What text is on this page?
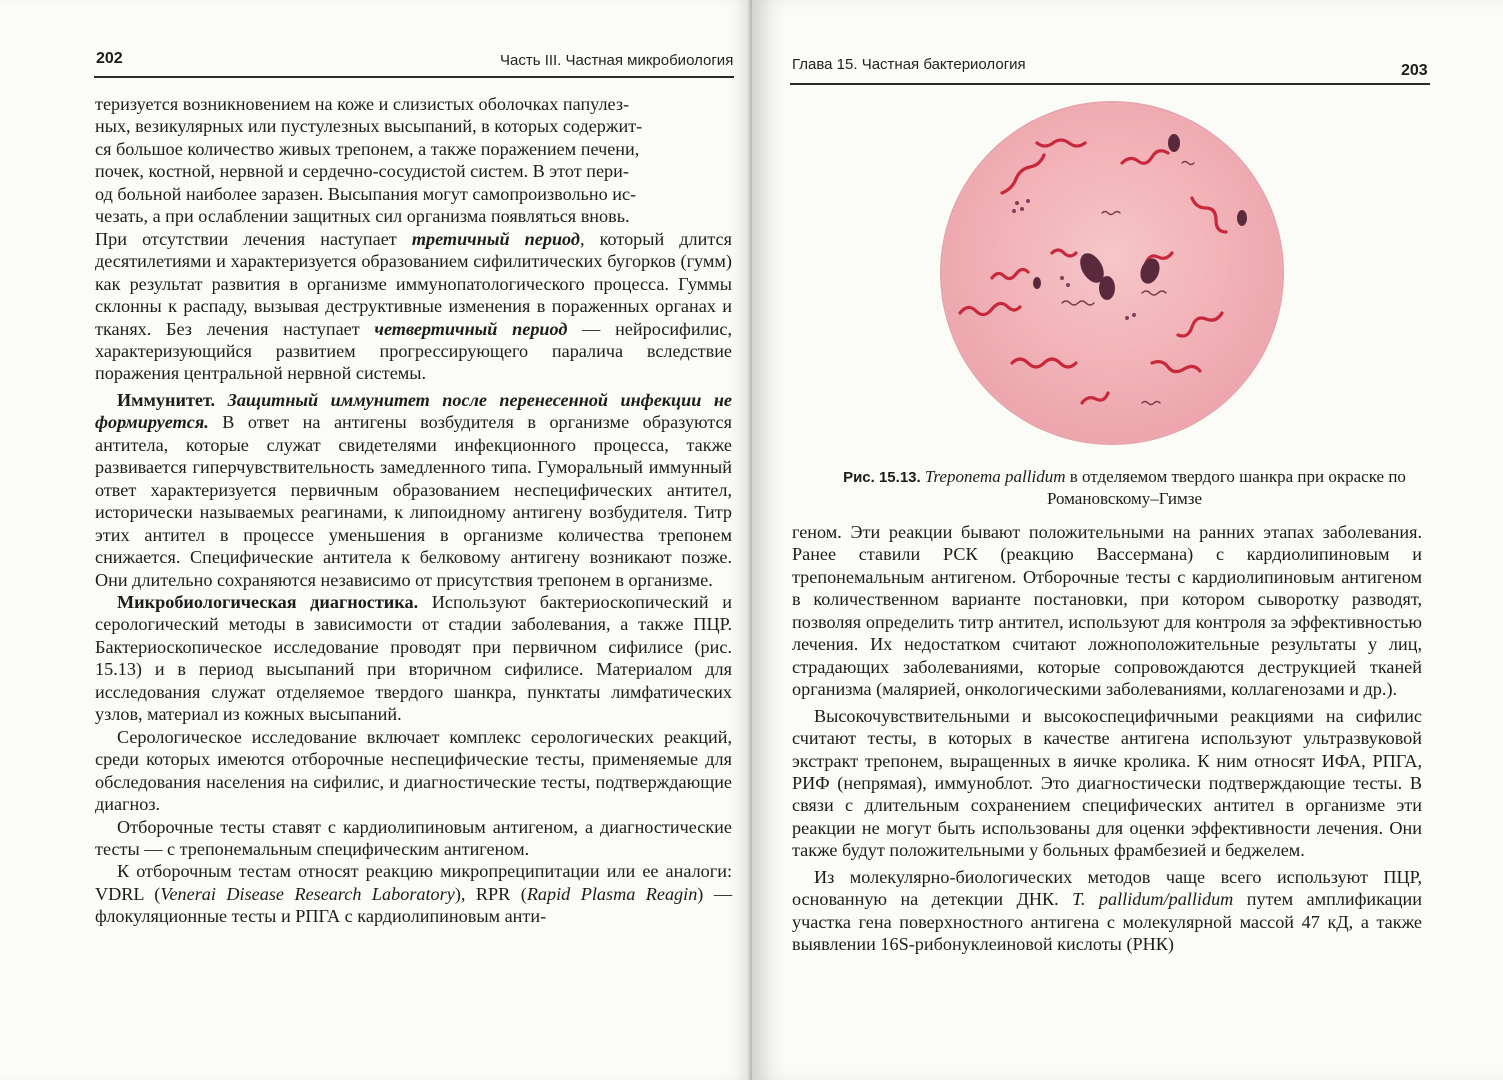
202	Часть III. Частная микробиология

теризуется возникновением на коже и слизистых оболочках папулез-
ных, везикулярных или пустулезных высыпаний, в которых содержит-
ся большое количество живых трепонем, а также поражением печени,
почек, костной, нервной и сердечно-сосудистой систем. В этот пери-
од больной наиболее заразен. Высыпания могут самопроизвольно ис-
чезать, а при ослаблении защитных сил организма появляться вновь.

При отсутствии лечения наступает третичный период, который длится десятилетиями и характеризуется образованием сифилитических бугорков (гумм) как результат развития в организме иммунопатологического процесса. Гуммы склонны к распаду, вызывая деструктивные изменения в пораженных органах и тканях. Без лечения наступает четвертичный период — нейросифилис, характеризующийся развитием прогрессирующего паралича вследствие поражения центральной нервной системы.

Иммунитет. Защитный иммунитет после перенесенной инфекции не формируется. В ответ на антигены возбудителя в организме образуются антитела, которые служат свидетелями инфекционного процесса, также развивается гиперчувствительность замедленного типа. Гуморальный иммунный ответ характеризуется первичным образованием неспецифических антител, исторически называемых реагинами, к липоидному антигену возбудителя. Титр этих антител в процессе уменьшения в организме количества трепонем снижается. Специфические антитела к белковому антигену возникают позже. Они длительно сохраняются независимо от присутствия трепонем в организме.

Микробиологическая диагностика. Используют бактериоскопический и серологический методы в зависимости от стадии заболевания, а также ПЦР. Бактериоскопическое исследование проводят при первичном сифилисе (рис. 15.13) и в период высыпаний при вторичном сифилисе. Материалом для исследования служат отделяемое твердого шанкра, пунктаты лимфатических узлов, материал из кожных высыпаний.

Серологическое исследование включает комплекс серологических реакций, среди которых имеются отборочные неспецифические тесты, применяемые для обследования населения на сифилис, и диагностические тесты, подтверждающие диагноз.

Отборочные тесты ставят с кардиолипиновым антигеном, а диагностические тесты — с трепонемальным специфическим антигеном.

К отборочным тестам относят реакцию микропреципитации или ее аналоги: VDRL (Venerai Disease Research Laboratory), RPR (Rapid Plasma Reagin) — флокуляционные тесты и РПГА с кардиолипиновым анти-

Глава 15. Частная бактериология	203
Рис. 15.13. Treponema pallidum в отделяемом твердого шанкра при окраске по Романовскому–Гимзе

геном. Эти реакции бывают положительными на ранних этапах заболевания. Ранее ставили РСК (реакцию Вассермана) с кардиолипиновым и трепонемальным антигеном. Отборочные тесты с кардиолипиновым антигеном в количественном варианте постановки, при котором сыворотку разводят, позволяя определить титр антител, используют для контроля за эффективностью лечения. Их недостатком считают ложноположительные результаты у лиц, страдающих заболеваниями, которые сопровождаются деструкцией тканей организма (малярией, онкологическими заболеваниями, коллагенозами и др.).

Высокочувствительными и высокоспецифичными реакциями на сифилис считают тесты, в которых в качестве антигена используют ультразвуковой экстракт трепонем, выращенных в яичке кролика. К ним относят ИФА, РПГА, РИФ (непрямая), иммуноблот. Это диагностически подтверждающие тесты. В связи с длительным сохранением специфических антител в организме эти реакции не могут быть использованы для оценки эффективности лечения. Они также будут положительными у больных фрамбезией и беджелем.

Из молекулярно-биологических методов чаще всего используют ПЦР, основанную на детекции ДНК. T. pallidum/pallidum путем амплификации участка гена поверхностного антигена с молекулярной массой 47 кД, а также выявлении 16S-рибонуклеиновой кислоты (РНК)
